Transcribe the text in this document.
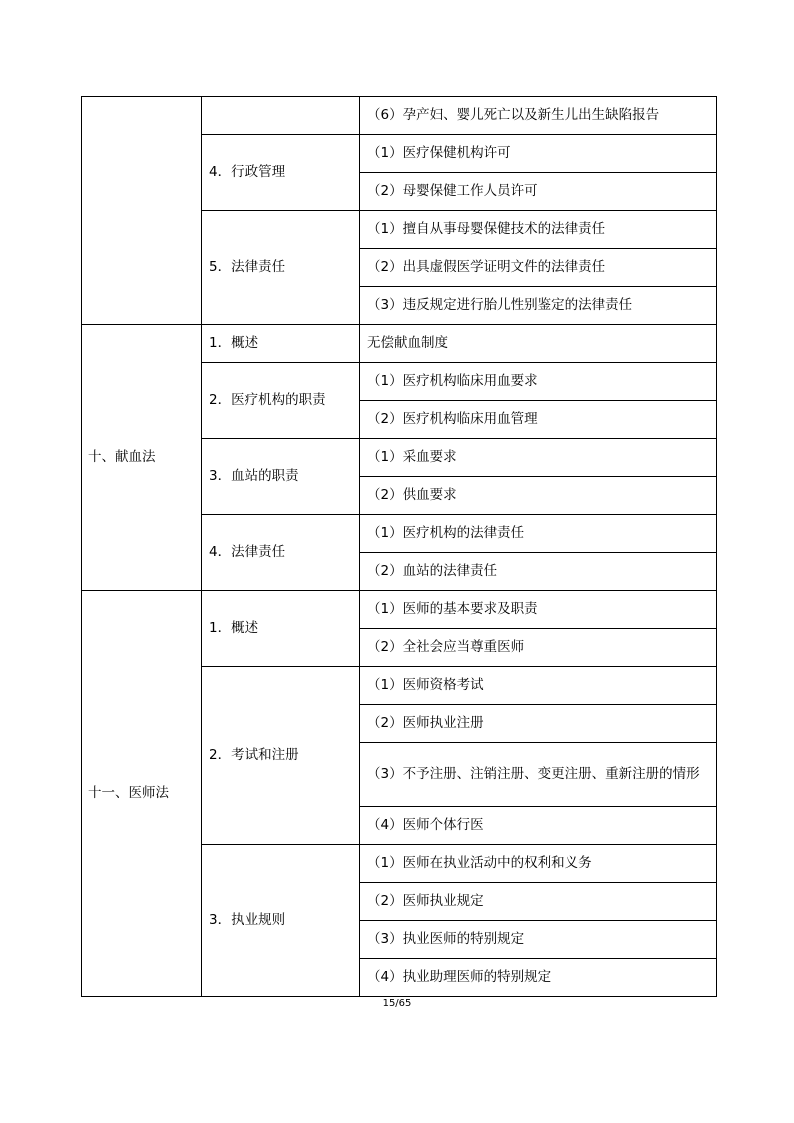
		（6）孕产妇、婴儿死亡以及新生儿出生缺陷报告
	4．行政管理	（1）医疗保健机构许可
		（2）母婴保健工作人员许可
	5．法律责任	（1）擅自从事母婴保健技术的法律责任
		（2）出具虚假医学证明文件的法律责任
		（3）违反规定进行胎儿性别鉴定的法律责任
十、献血法	1．概述	无偿献血制度
	2．医疗机构的职责	（1）医疗机构临床用血要求
		（2）医疗机构临床用血管理
	3．血站的职责	（1）采血要求
		（2）供血要求
	4．法律责任	（1）医疗机构的法律责任
		（2）血站的法律责任
十一、医师法	1．概述	（1）医师的基本要求及职责
		（2）全社会应当尊重医师
	2．考试和注册	（1）医师资格考试
		（2）医师执业注册
		（3）不予注册、注销注册、变更注册、重新注册的情形
		（4）医师个体行医
	3．执业规则	（1）医师在执业活动中的权利和义务
		（2）医师执业规定
		（3）执业医师的特别规定
		（4）执业助理医师的特别规定
15/65
